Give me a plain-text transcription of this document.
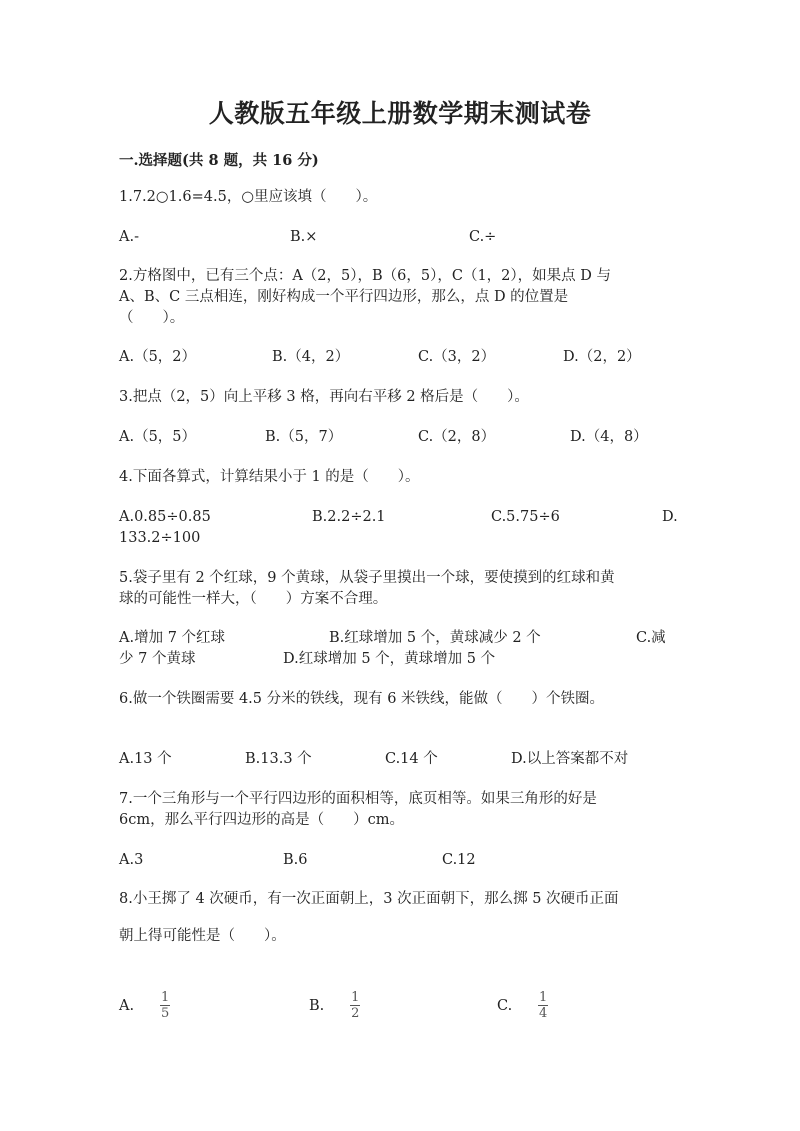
人教版五年级上册数学期末测试卷
一.选择题(共 8 题，共 16 分)
1.7.2○1.6=4.5，○里应该填（　　）。
A.-	B.×	C.÷
2.方格图中，已有三个点：A（2，5），B（6，5），C（1，2），如果点 D 与
A、B、C 三点相连，刚好构成一个平行四边形，那么，点 D 的位置是
（　　）。
A.（5，2）	B.（4，2）	C.（3，2）	D.（2，2）
3.把点（2，5）向上平移 3 格，再向右平移 2 格后是（　　）。
A.（5，5）	B.（5，7）	C.（2，8）	D.（4，8）
4.下面各算式，计算结果小于 1 的是（　　）。
A.0.85÷0.85	B.2.2÷2.1	C.5.75÷6	D.
133.2÷100
5.袋子里有 2 个红球，9 个黄球，从袋子里摸出一个球，要使摸到的红球和黄
球的可能性一样大，（　　）方案不合理。
A.增加 7 个红球	B.红球增加 5 个，黄球减少 2 个	C.减
少 7 个黄球	D.红球增加 5 个，黄球增加 5 个
6.做一个铁圈需要 4.5 分米的铁线，现有 6 米铁线，能做（　　）个铁圈。
A.13 个	B.13.3 个	C.14 个	D.以上答案都不对
7.一个三角形与一个平行四边形的面积相等，底页相等。如果三角形的好是
6cm，那么平行四边形的高是（　　）cm。
A.3	B.6	C.12
8.小王掷了 4 次硬币，有一次正面朝上，3 次正面朝下，那么掷 5 次硬币正面
朝上得可能性是（　　）。
A. $\frac{1}{5}$	B. $\frac{1}{2}$	C. $\frac{1}{4}$
